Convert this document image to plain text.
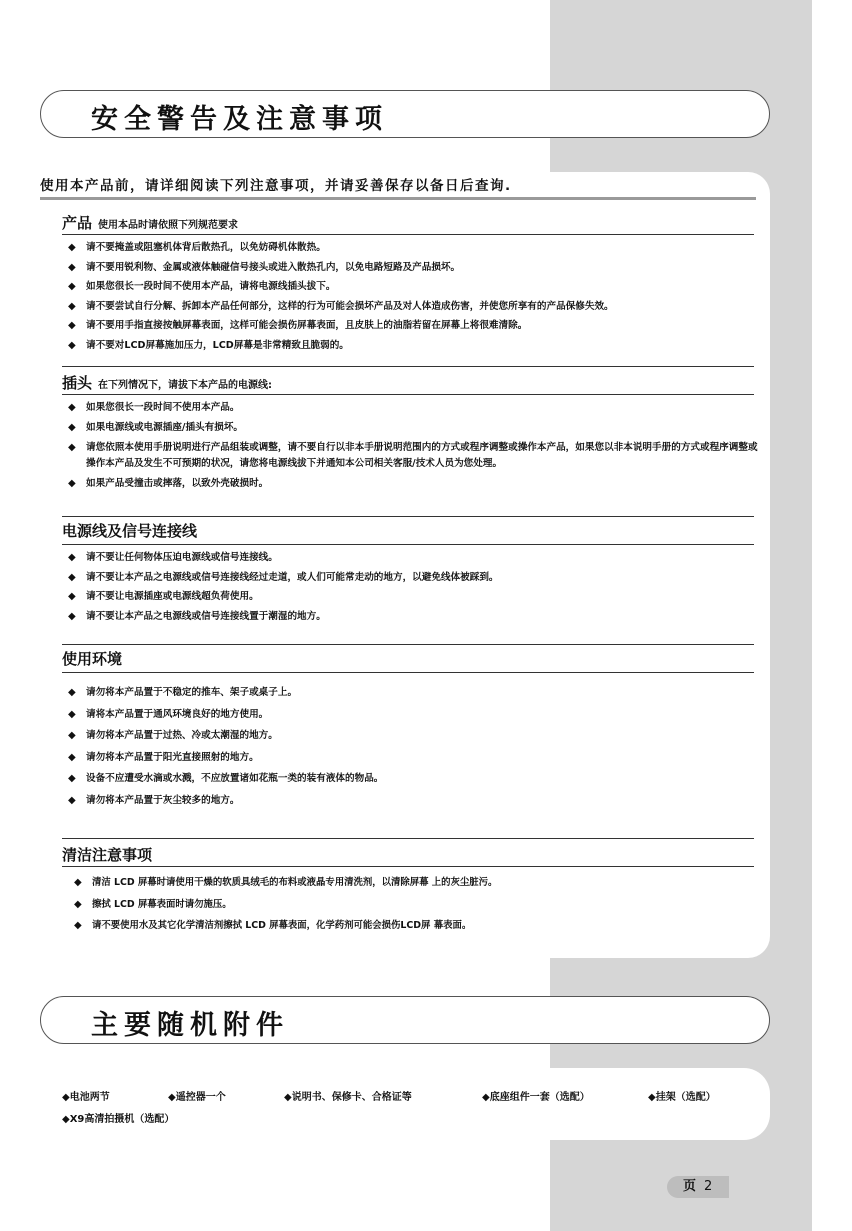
安全警告及注意事项
使用本产品前，请详细阅读下列注意事项，并请妥善保存以备日后查询.
产品 使用本品时请依照下列规范要求
◆ 请不要掩盖或阻塞机体背后散热孔，以免妨碍机体散热。
◆ 请不要用锐利物、金属或液体触碰信号接头或进入散热孔内，以免电路短路及产品损坏。
◆ 如果您很长一段时间不使用本产品，请将电源线插头拔下。
◆ 请不要尝试自行分解、拆卸本产品任何部分，这样的行为可能会损坏产品及对人体造成伤害，并使您所享有的产品保修失效。
◆ 请不要用手指直接按触屏幕表面，这样可能会损伤屏幕表面，且皮肤上的油脂若留在屏幕上将很难清除。
◆ 请不要对LCD屏幕施加压力，LCD屏幕是非常精致且脆弱的。
插头 在下列情况下，请拔下本产品的电源线:
◆ 如果您很长一段时间不使用本产品。
◆ 如果电源线或电源插座/插头有损坏。
◆ 请您依照本使用手册说明进行产品组装或调整，请不要自行以非本手册说明范围内的方式或程序调整或操作本产品，如果您以非本说明手册的方式或程序调整或操作本产品及发生不可预期的状况，请您将电源线拔下并通知本公司相关客服/技术人员为您处理。
◆ 如果产品受撞击或摔落，以致外壳破损时。
电源线及信号连接线
◆ 请不要让任何物体压迫电源线或信号连接线。
◆ 请不要让本产品之电源线或信号连接线经过走道，或人们可能常走动的地方，以避免线体被踩到。
◆ 请不要让电源插座或电源线超负荷使用。
◆ 请不要让本产品之电源线或信号连接线置于潮湿的地方。
使用环境
◆ 请勿将本产品置于不稳定的推车、架子或桌子上。
◆ 请将本产品置于通风环境良好的地方使用。
◆ 请勿将本产品置于过热、冷或太潮湿的地方。
◆ 请勿将本产品置于阳光直接照射的地方。
◆ 设备不应遭受水滴或水溅，不应放置诸如花瓶一类的装有液体的物品。
◆ 请勿将本产品置于灰尘较多的地方。
清洁注意事项
◆ 清洁 LCD 屏幕时请使用干燥的软质具绒毛的布料或液晶专用清洗剂，以清除屏幕 上的灰尘脏污。
◆ 擦拭 LCD 屏幕表面时请勿施压。
◆ 请不要使用水及其它化学清洁剂擦拭 LCD 屏幕表面，化学药剂可能会损伤LCD屏 幕表面。
主要随机附件
◆ 电池两节	◆ 遥控器一个	◆ 说明书、保修卡、合格证等	◆ 底座组件一套（选配）	◆ 挂架（选配）
◆ X9高清拍摄机（选配）
页 2
